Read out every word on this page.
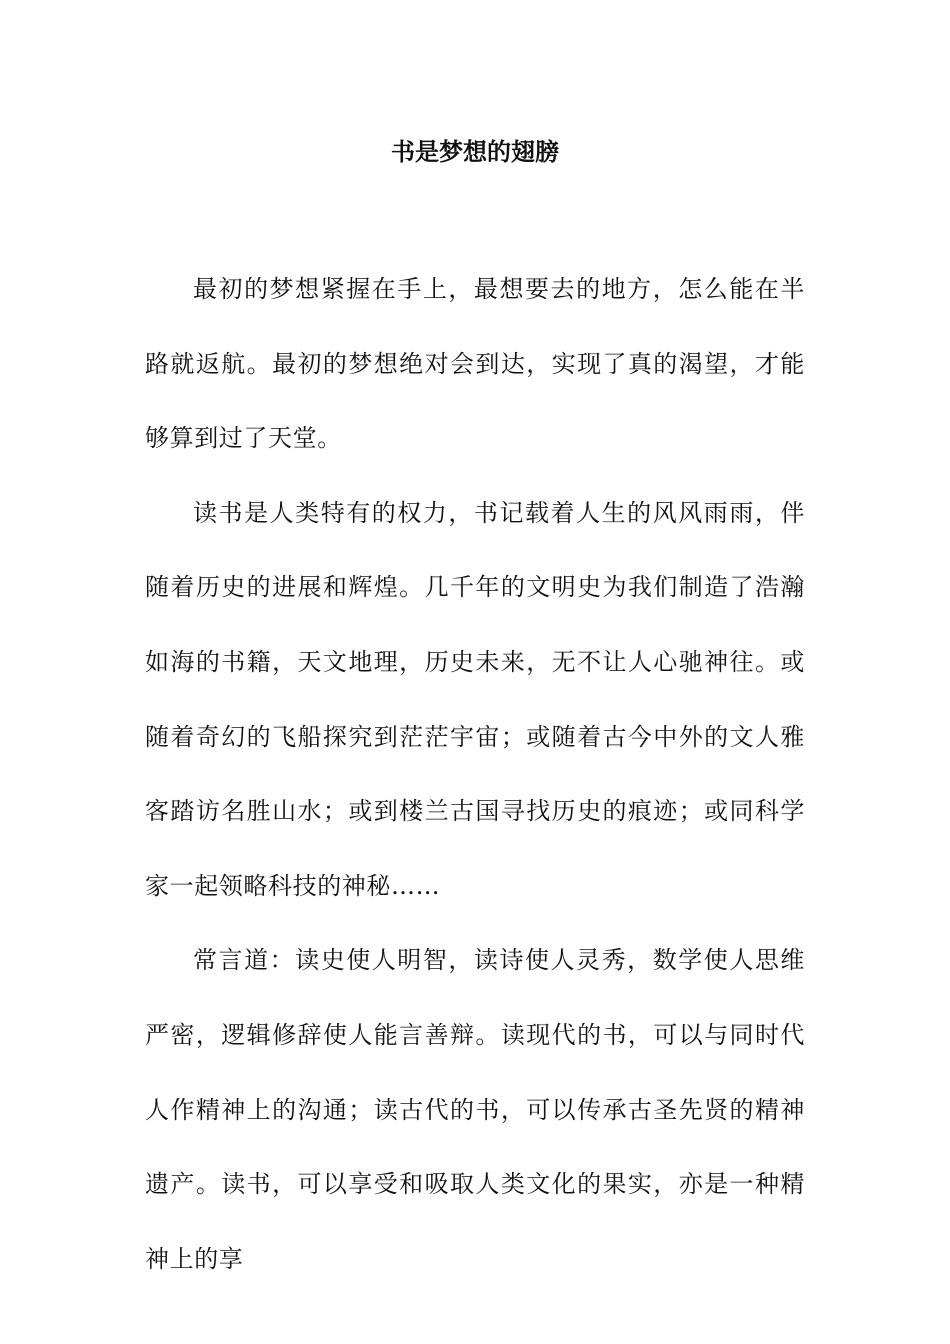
书是梦想的翅膀

最初的梦想紧握在手上，最想要去的地方，怎么能在半路就返航。最初的梦想绝对会到达，实现了真的渴望，才能够算到过了天堂。

读书是人类特有的权力，书记载着人生的风风雨雨，伴随着历史的进展和辉煌。几千年的文明史为我们制造了浩瀚如海的书籍，天文地理，历史未来，无不让人心驰神往。或随着奇幻的飞船探究到茫茫宇宙；或随着古今中外的文人雅客踏访名胜山水；或到楼兰古国寻找历史的痕迹；或同科学家一起领略科技的神秘……

常言道：读史使人明智，读诗使人灵秀，数学使人思维严密，逻辑修辞使人能言善辩。读现代的书，可以与同时代人作精神上的沟通；读古代的书，可以传承古圣先贤的精神遗产。读书，可以享受和吸取人类文化的果实，亦是一种精神上的享
